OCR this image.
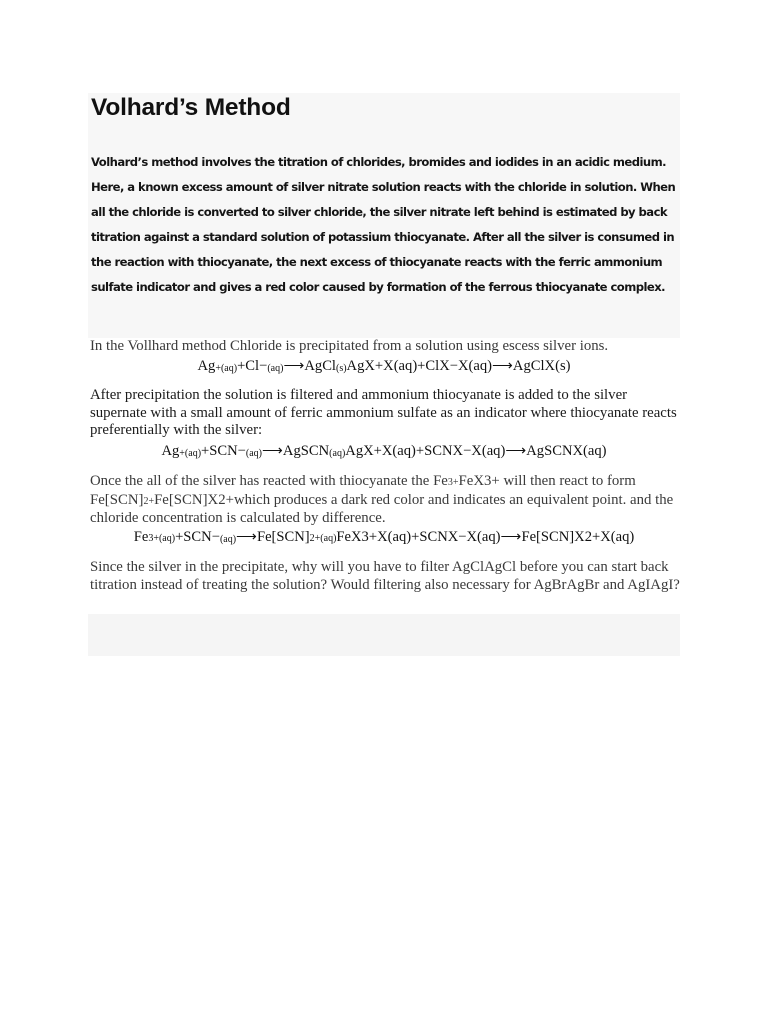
Volhard’s Method

Volhard’s method involves the titration of chlorides, bromides and iodides in an acidic medium. Here, a known excess amount of silver nitrate solution reacts with the chloride in solution. When all the chloride is converted to silver chloride, the silver nitrate left behind is estimated by back titration against a standard solution of potassium thiocyanate. After all the silver is consumed in the reaction with thiocyanate, the next excess of thiocyanate reacts with the ferric ammonium sulfate indicator and gives a red color caused by formation of the ferrous thiocyanate complex.

In the Vollhard method Chloride is precipitated from a solution using escess silver ions.

$Ag_{+(aq)}+Cl-_{(aq)}⟶AgCl_{(s)}AgX+X(aq)+ClX-X(aq)⟶AgClX(s)$

After precipitation the solution is filtered and ammonium thiocyanate is added to the silver supernate with a small amount of ferric ammonium sulfate as an indicator where thiocyanate reacts preferentially with the silver:

$Ag_{+(aq)}+SCN-_{(aq)}⟶AgSCN_{(aq)}AgX+X(aq)+SCNX-X(aq)⟶AgSCNX(aq)$

Once the all of the silver has reacted with thiocyanate the Fe3+FeX3+ will then react to form Fe[SCN]2+Fe[SCN]X2+which produces a dark red color and indicates an equivalent point. and the chloride concentration is calculated by difference.

$Fe3+(aq)+SCN-_{(aq)}⟶Fe[SCN]2+(aq)FeX3+X(aq)+SCNX-X(aq)⟶Fe[SCN]X2+X(aq)$

Since the silver in the precipitate, why will you have to filter AgClAgCl before you can start back titration instead of treating the solution? Would filtering also necessary for AgBrAgBr and AgIAgI?
